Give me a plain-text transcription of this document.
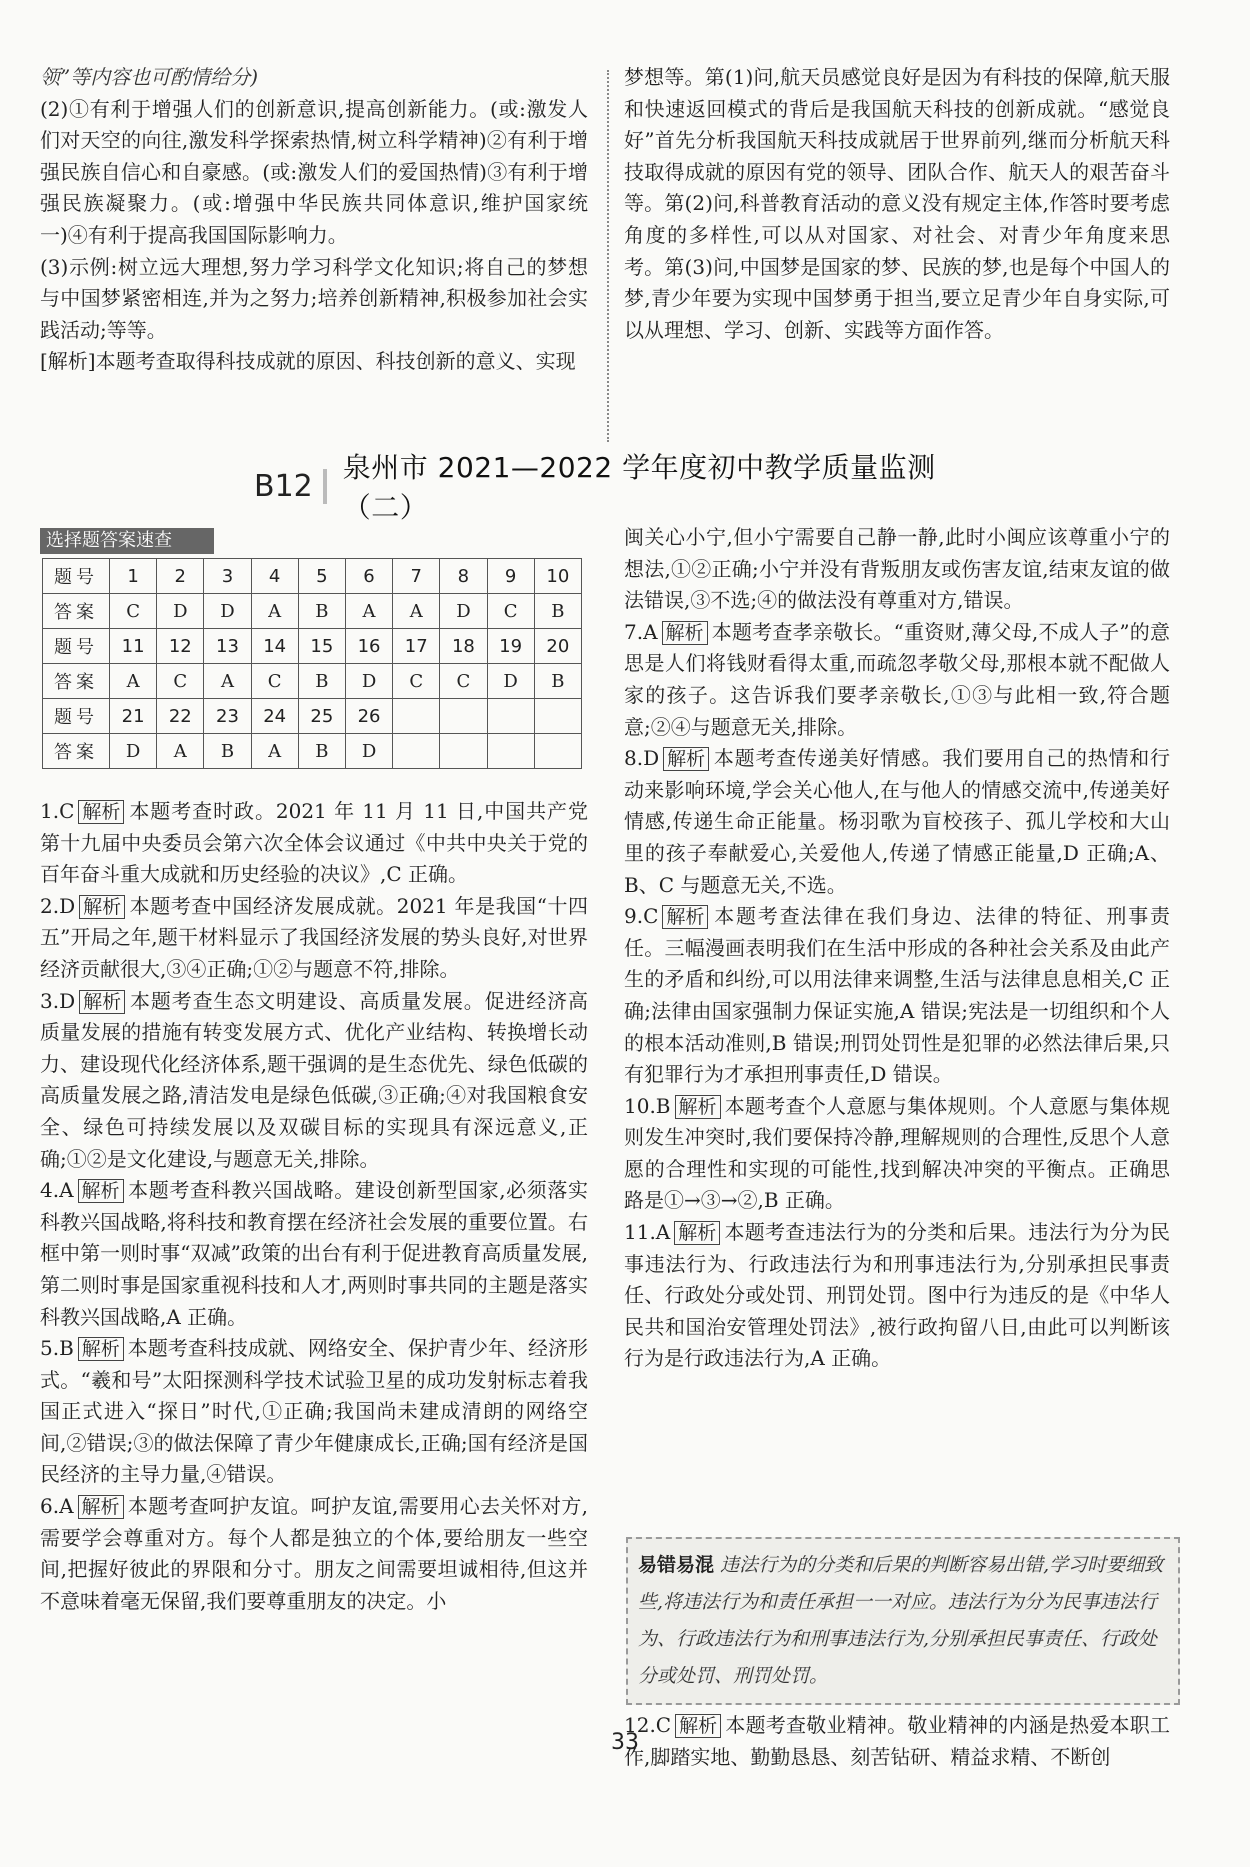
领”等内容也可酌情给分)

(2)①有利于增强人们的创新意识,提高创新能力。(或:激发人们对天空的向往,激发科学探索热情,树立科学精神)②有利于增强民族自信心和自豪感。(或:激发人们的爱国热情)③有利于增强民族凝聚力。(或:增强中华民族共同体意识,维护国家统一)④有利于提高我国国际影响力。

(3)示例:树立远大理想,努力学习科学文化知识;将自己的梦想与中国梦紧密相连,并为之努力;培养创新精神,积极参加社会实践活动;等等。

[解析]本题考查取得科技成就的原因、科技创新的意义、实现

梦想等。第(1)问,航天员感觉良好是因为有科技的保障,航天服和快速返回模式的背后是我国航天科技的创新成就。“感觉良好”首先分析我国航天科技成就居于世界前列,继而分析航天科技取得成就的原因有党的领导、团队合作、航天人的艰苦奋斗等。第(2)问,科普教育活动的意义没有规定主体,作答时要考虑角度的多样性,可以从对国家、对社会、对青少年角度来思考。第(3)问,中国梦是国家的梦、民族的梦,也是每个中国人的梦,青少年要为实现中国梦勇于担当,要立足青少年自身实际,可以从理想、学习、创新、实践等方面作答。

B12
泉州市 2021—2022 学年度初中教学质量监测（二）
选择题答案速查
题号	1	2	3	4	5	6	7	8	9	10
答案	C	D	D	A	B	A	A	D	C	B
题号	11	12	13	14	15	16	17	18	19	20
答案	A	C	A	C	B	D	C	C	D	B
题号	21	22	23	24	25	26				
答案	D	A	B	A	B	D				

1.C 解析 本题考查时政。2021 年 11 月 11 日,中国共产党第十九届中央委员会第六次全体会议通过《中共中央关于党的百年奋斗重大成就和历史经验的决议》,C 正确。

2.D 解析 本题考查中国经济发展成就。2021 年是我国“十四五”开局之年,题干材料显示了我国经济发展的势头良好,对世界经济贡献很大,③④正确;①②与题意不符,排除。

3.D 解析 本题考查生态文明建设、高质量发展。促进经济高质量发展的措施有转变发展方式、优化产业结构、转换增长动力、建设现代化经济体系,题干强调的是生态优先、绿色低碳的高质量发展之路,清洁发电是绿色低碳,③正确;④对我国粮食安全、绿色可持续发展以及双碳目标的实现具有深远意义,正确;①②是文化建设,与题意无关,排除。

4.A 解析 本题考查科教兴国战略。建设创新型国家,必须落实科教兴国战略,将科技和教育摆在经济社会发展的重要位置。右框中第一则时事“双减”政策的出台有利于促进教育高质量发展,第二则时事是国家重视科技和人才,两则时事共同的主题是落实科教兴国战略,A 正确。

5.B 解析 本题考查科技成就、网络安全、保护青少年、经济形式。“羲和号”太阳探测科学技术试验卫星的成功发射标志着我国正式进入“探日”时代,①正确;我国尚未建成清朗的网络空间,②错误;③的做法保障了青少年健康成长,正确;国有经济是国民经济的主导力量,④错误。

6.A 解析 本题考查呵护友谊。呵护友谊,需要用心去关怀对方,需要学会尊重对方。每个人都是独立的个体,要给朋友一些空间,把握好彼此的界限和分寸。朋友之间需要坦诚相待,但这并不意味着毫无保留,我们要尊重朋友的决定。小

闽关心小宁,但小宁需要自己静一静,此时小闽应该尊重小宁的想法,①②正确;小宁并没有背叛朋友或伤害友谊,结束友谊的做法错误,③不选;④的做法没有尊重对方,错误。

7.A 解析 本题考查孝亲敬长。“重资财,薄父母,不成人子”的意思是人们将钱财看得太重,而疏忽孝敬父母,那根本就不配做人家的孩子。这告诉我们要孝亲敬长,①③与此相一致,符合题意;②④与题意无关,排除。

8.D 解析 本题考查传递美好情感。我们要用自己的热情和行动来影响环境,学会关心他人,在与他人的情感交流中,传递美好情感,传递生命正能量。杨羽歌为盲校孩子、孤儿学校和大山里的孩子奉献爱心,关爱他人,传递了情感正能量,D 正确;A、B、C 与题意无关,不选。

9.C 解析 本题考查法律在我们身边、法律的特征、刑事责任。三幅漫画表明我们在生活中形成的各种社会关系及由此产生的矛盾和纠纷,可以用法律来调整,生活与法律息息相关,C 正确;法律由国家强制力保证实施,A 错误;宪法是一切组织和个人的根本活动准则,B 错误;刑罚处罚性是犯罪的必然法律后果,只有犯罪行为才承担刑事责任,D 错误。

10.B 解析 本题考查个人意愿与集体规则。个人意愿与集体规则发生冲突时,我们要保持冷静,理解规则的合理性,反思个人意愿的合理性和实现的可能性,找到解决冲突的平衡点。正确思路是①→③→②,B 正确。

11.A 解析 本题考查违法行为的分类和后果。违法行为分为民事违法行为、行政违法行为和刑事违法行为,分别承担民事责任、行政处分或处罚、刑罚处罚。图中行为违反的是《中华人民共和国治安管理处罚法》,被行政拘留八日,由此可以判断该行为是行政违法行为,A 正确。

易错易混 违法行为的分类和后果的判断容易出错,学习时要细致些,将违法行为和责任承担一一对应。违法行为分为民事违法行为、行政违法行为和刑事违法行为,分别承担民事责任、行政处分或处罚、刑罚处罚。

12.C 解析 本题考查敬业精神。敬业精神的内涵是热爱本职工作,脚踏实地、勤勤恳恳、刻苦钻研、精益求精、不断创

33
